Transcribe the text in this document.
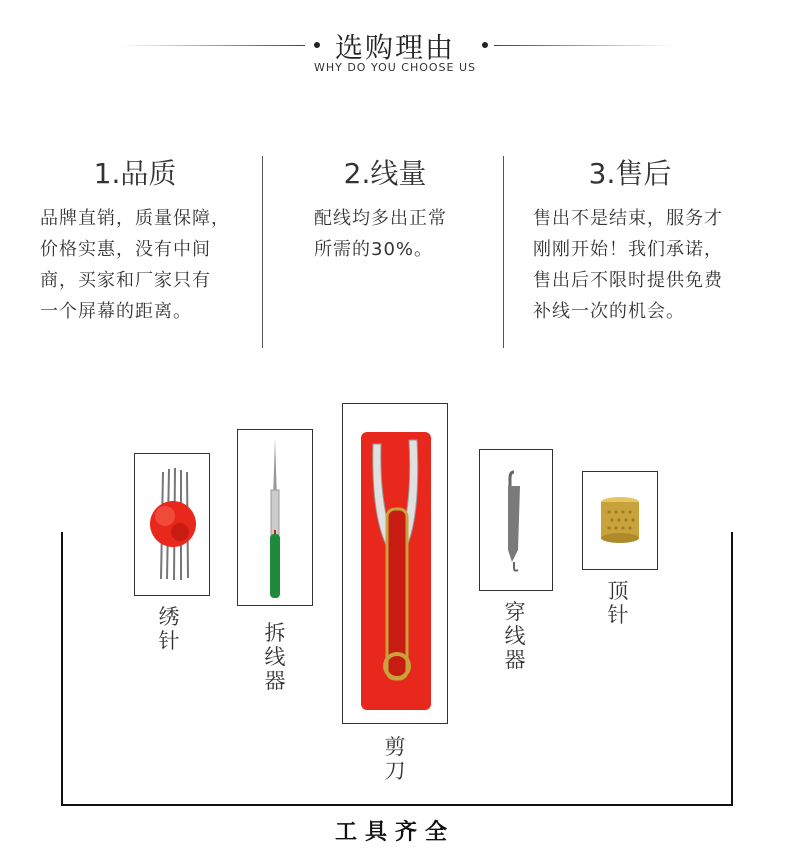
选购理由
WHY DO YOU CHOOSE US
1.品质
品牌直销，质量保障，
价格实惠，没有中间
商，买家和厂家只有
一个屏幕的距离。
2.线量
配线均多出正常
所需的30%。
3.售后
售出不是结束，服务才
刚刚开始！我们承诺，
售出后不限时提供免费
补线一次的机会。
绣针	拆线器
剪刀
穿线器
顶针
工具齐全
